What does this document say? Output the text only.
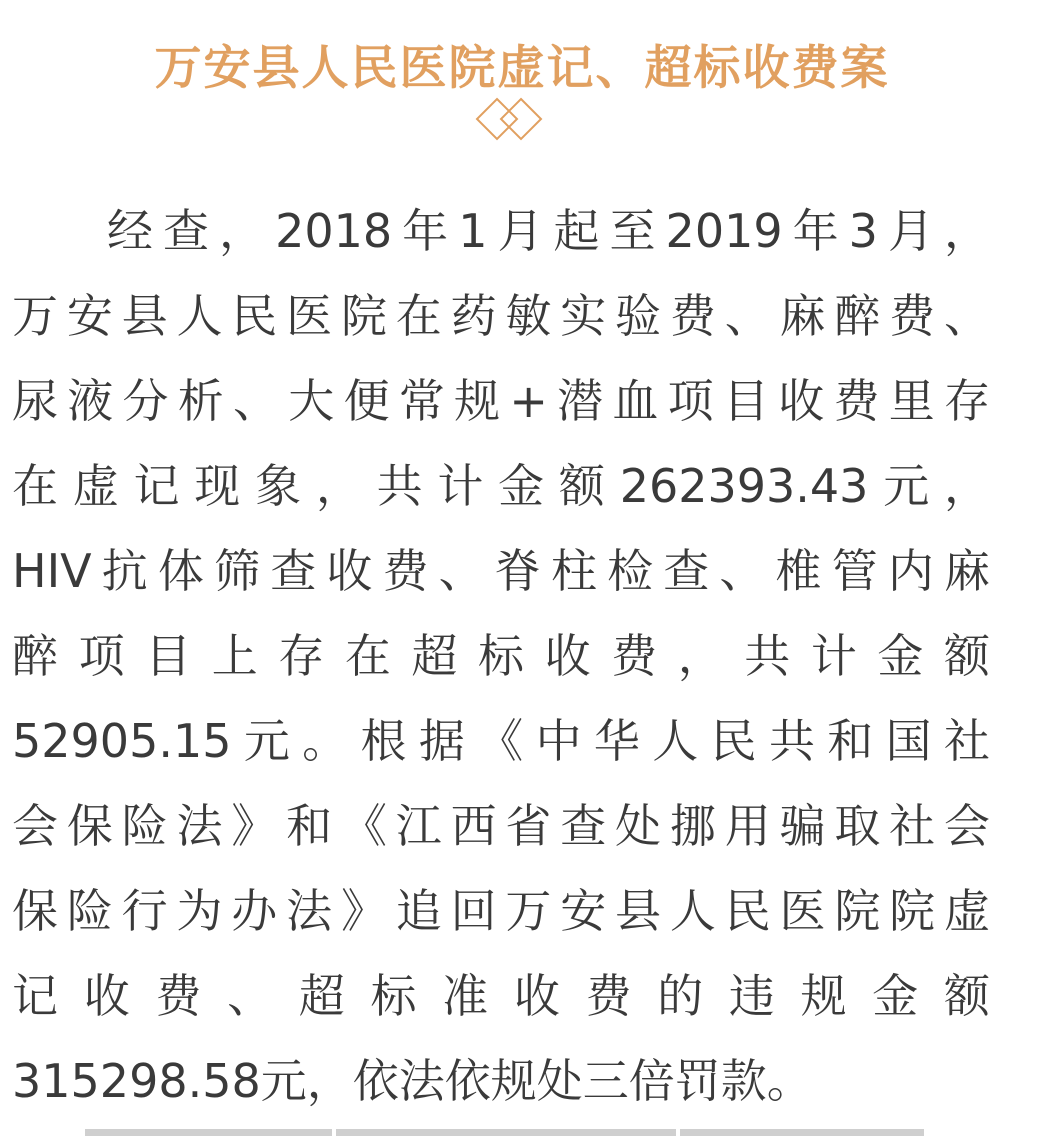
万安县人民医院虚记、超标收费案
经查，2018年1月起至2019年3月，
万安县人民医院在药敏实验费、麻醉费、
尿液分析、大便常规+潜血项目收费里存
在虚记现象，共计金额262393.43元，
HIV抗体筛查收费、脊柱检查、椎管内麻
醉项目上存在超标收费，共计金额
52905.15元。根据《中华人民共和国社
会保险法》和《江西省查处挪用骗取社会
保险行为办法》追回万安县人民医院院虚
记收费、超标准收费的违规金额
315298.58元，依法依规处三倍罚款。
